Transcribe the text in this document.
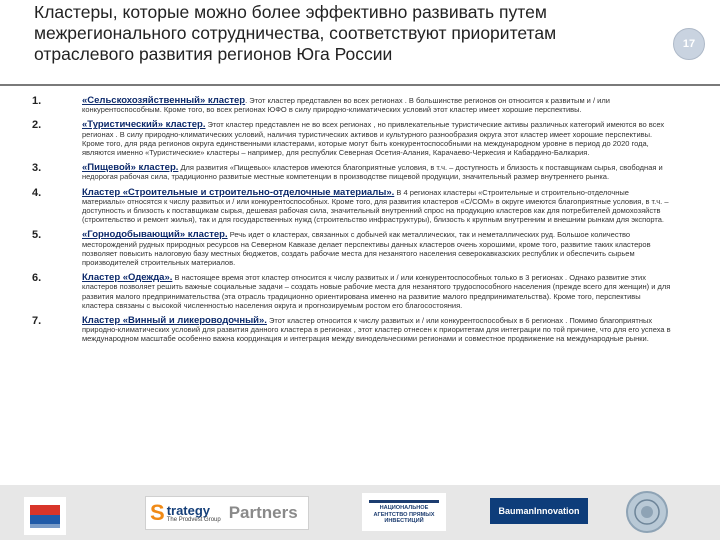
Кластеры, которые можно более эффективно развивать путем межрегионального сотрудничества, соответствуют приоритетам отраслевого развития регионов Юга России	17
1.	«Сельскохозяйственный» кластер. Этот кластер представлен во всех регионах . В большинстве регионов он относится к развитым и / или конкурентоспособным. Кроме того, во всех регионах ЮФО в силу природно-климатических условий этот кластер имеет хорошие перспективы.
2.	«Туристический» кластер. Этот кластер представлен не во всех регионах , но привлекательные туристические активы различных категорий имеются во всех регионах . В силу природно-климатических условий, наличия туристических активов и культурного разнообразия округа этот кластер имеет хорошие перспективы. Кроме того, для ряда регионов округа единственными кластерами, которые могут быть конкурентоспособными на международном уровне в период до 2020 года, являются именно «Туристические» кластеры – например, для республик Северная Осетия-Алания, Карачаево-Черкесия и Кабардино-Балкария.
3.	«Пищевой» кластер. Для развития «Пищевых» кластеров имеются благоприятные условия, в т.ч. – доступность и близость к поставщикам сырья, свободная и недорогая рабочая сила, традиционно развитые местные компетенции в производстве пищевой продукции, значительный размер внутреннего рынка.
4.	Кластер «Строительные и строительно-отделочные материалы». В 4 регионах кластеры «Строительные и строительно-отделочные материалы» относятся к числу развитых и / или конкурентоспособных. Кроме того, для развития кластеров «С/СОМ» в округе имеются благоприятные условия, в т.ч. – доступность и близость к поставщикам сырья, дешевая рабочая сила, значительный внутренний спрос на продукцию кластеров как для потребителей домохозяйств (строительство и ремонт жилья), так и для государственных нужд (строительство инфраструктуры), близость к крупным внутренним и внешним рынкам для экспорта.
5.	«Горнодобывающий» кластер. Речь идет о кластерах, связанных с добычей как металлических, так и неметаллических руд. Большое количество месторождений рудных природных ресурсов на Северном Кавказе делает перспективы данных кластеров очень хорошими, кроме того, развитие таких кластеров позволяет повысить налоговую базу местных бюджетов, создать рабочие места для незанятого населения северокавказских республик и обеспечить сырьем производителей строительных материалов.
6.	Кластер «Одежда». В настоящее время этот кластер относится к числу развитых и / или конкурентоспособных только в 3 регионах . Однако развитие этих кластеров позволяет решить важные социальные задачи – создать новые рабочие места для незанятого трудоспособного населения (прежде всего для женщин) и для развития малого предпринимательства (эта отрасль традиционно ориентирована именно на развитие малого предпринимательства). Кроме того, перспективы кластера связаны с высокой численностью населения округа и прогнозируемым ростом его благосостояния.
7.	Кластер «Винный и ликероводочный». Этот кластер относится к числу развитых и / или конкурентоспособных в 6 регионах . Помимо благоприятных природно-климатических условий для развития данного кластера в регионах , этот кластер отнесен к приоритетам для интеграции по той причине, что для его успеха в международном масштабе особенно важна координация и интеграция между винодельческими регионами и совместное продвижение на международные рынки.
S trategy
The Prodvest Group Partners	НАЦИОНАЛЬНОЕ АГЕНТСТВО ПРЯМЫХ ИНВЕСТИЦИЙ
BaumanInnovation
